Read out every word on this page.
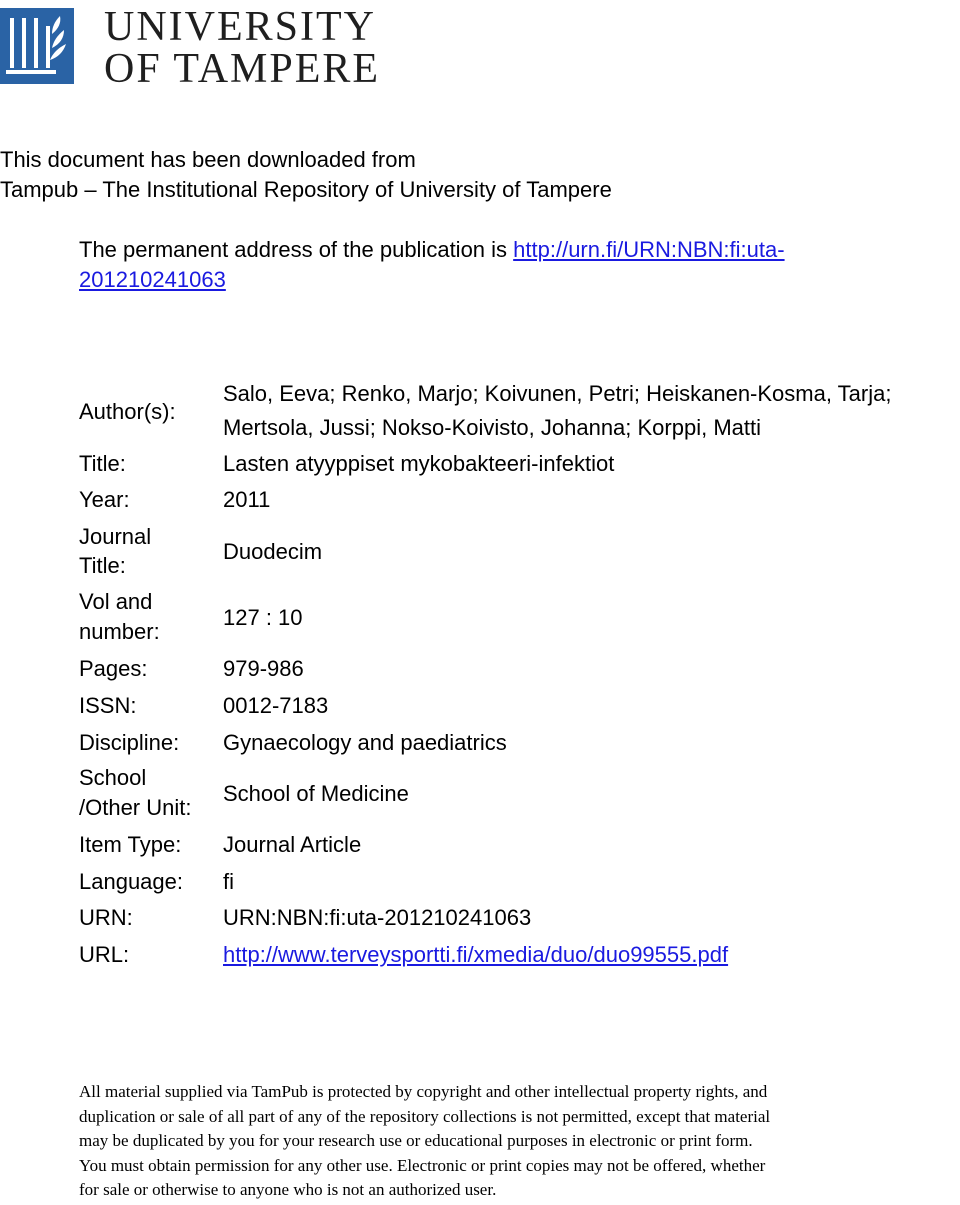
UNIVERSITY
OF TAMPERE
This document has been downloaded from
Tampub – The Institutional Repository of University of Tampere
The permanent address of the publication is http://urn.fi/URN:NBN:fi:uta-
201210241063
Author(s):
Salo, Eeva; Renko, Marjo; Koivunen, Petri; Heiskanen-Kosma, Tarja;
Mertsola, Jussi; Nokso-Koivisto, Johanna; Korppi, Matti
Title:	Lasten atyyppiset mykobakteeri-infektiot
Year:	2011
Journal
Title:
Duodecim
Vol and
number:
127 : 10
Pages:	979-986
ISSN:	0012-7183
Discipline: Gynaecology and paediatrics
School
/Other Unit:
School of Medicine
Item Type: Journal Article
Language: fi
URN:	URN:NBN:fi:uta-201210241063
URL:	http://www.terveysportti.fi/xmedia/duo/duo99555.pdf
All material supplied via TamPub is protected by copyright and other intellectual property rights, and
duplication or sale of all part of any of the repository collections is not permitted, except that material
may be duplicated by you for your research use or educational purposes in electronic or print form.
You must obtain permission for any other use. Electronic or print copies may not be offered, whether
for sale or otherwise to anyone who is not an authorized user.
